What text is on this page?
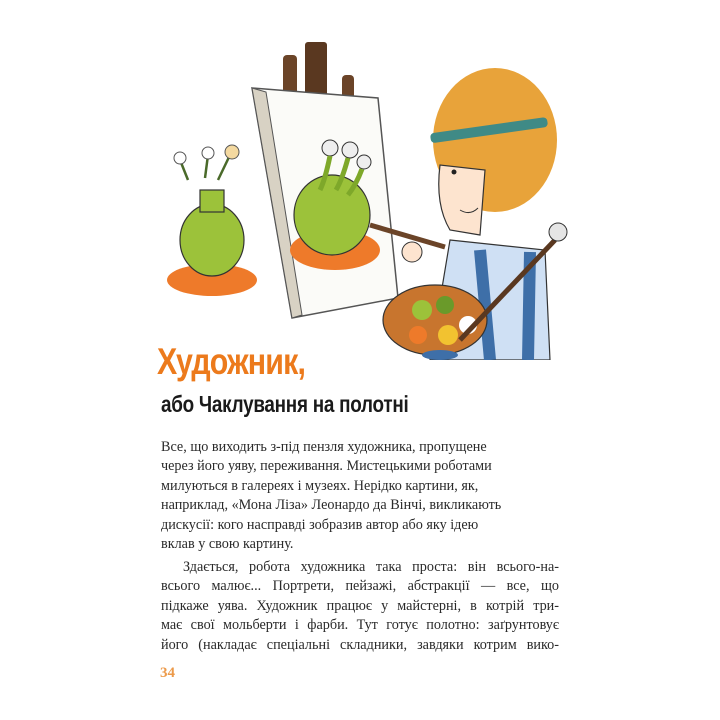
Художник,
або Чаклування на полотні
Все, що виходить з-під пензля художника, пропущене
через його уяву, переживання. Мистецькими роботами
милуються в галереях і музеях. Нерідко картини, як,
наприклад, «Мона Ліза» Леонардо да Вінчі, викликають
дискусії: кого насправді зобразив автор або яку ідею
вклав у свою картину.
Здається, робота художника така проста: він всього-на-
всього малює... Портрети, пейзажі, абстракції — все, що
підкаже уява. Художник працює у майстерні, в котрій три-
має свої мольберти і фарби. Тут готує полотно: заґрунтовує
його (накладає спеціальні складники, завдяки котрим вико-
34
